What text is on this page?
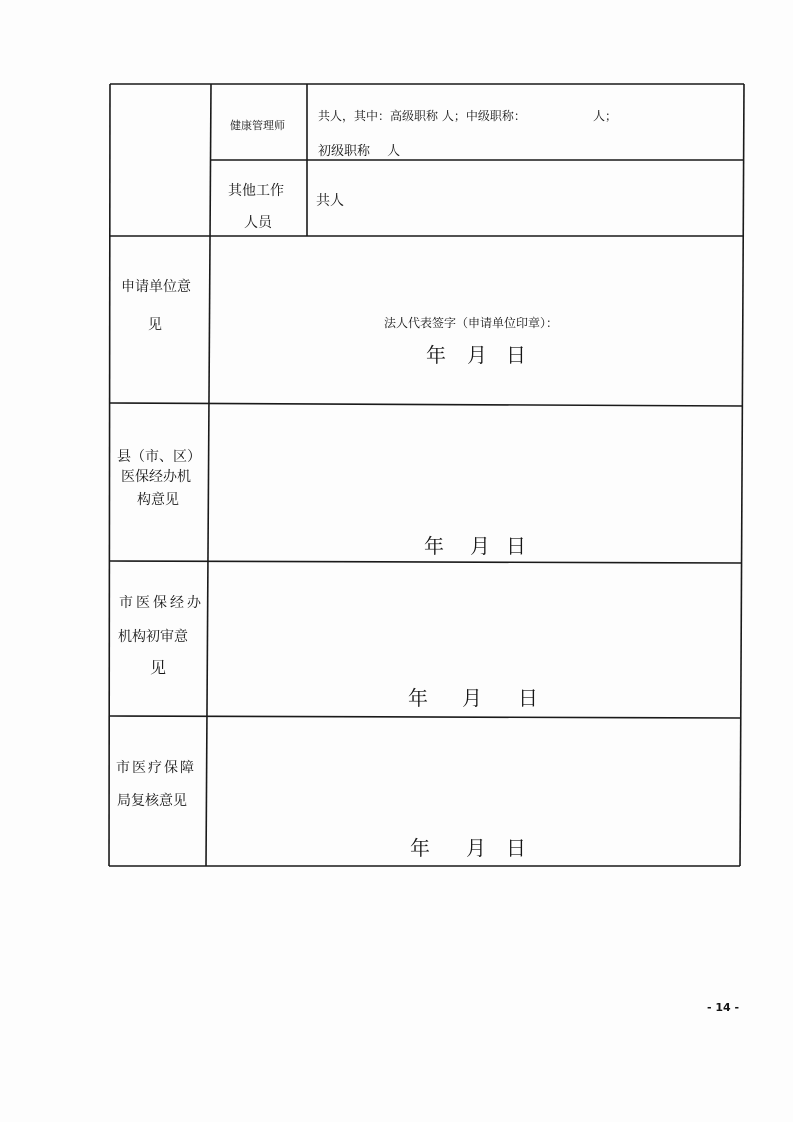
健康管理师
共人，其中：高级职称 人；中级职称：	人；
初级职称　 人
其他工作
人员
共人
申请单位意
见	法人代表签字（申请单位印章）：
年 月 日
县（市、区）
医保经办机
构意见
年 月 日
市医保经办
机构初审意
见
年 月 日
市医疗保障
局复核意见
年 月 日
- 14 -
